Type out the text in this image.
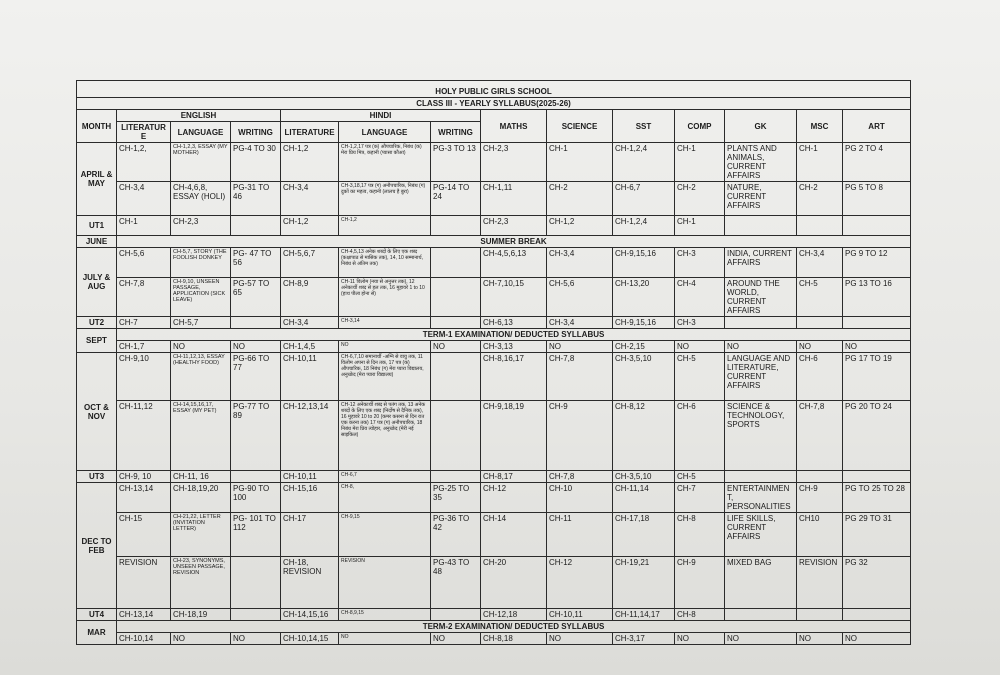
HOLY PUBLIC GIRLS SCHOOL													
CLASS III - YEARLY SYLLABUS(2025-26)													
MONTH	ENGLISH			HINDI			MATHS	SCIENCE	SST	COMP	GK	MSC	ART
	LITERATURE	LANGUAGE	WRITING	LITERATURE	LANGUAGE	WRITING							
APRIL & MAY	CH-1,2,	CH-1,2,3, ESSAY (MY MOTHER)	PG-4 TO 30	CH-1,2	CH-1,2,17 पत्र (क) औपचारिक, निबंध (क) मेरा प्रिय मित्र, कहानी (प्यासा कौआ)	PG-3 TO 13	CH-2,3	CH-1	CH-1,2,4	CH-1	PLANTS AND ANIMALS, CURRENT AFFAIRS	CH-1	PG 2 TO 4
	CH-3,4	CH-4,6,8, ESSAY (HOLI)	PG-31 TO 46	CH-3,4	CH-3,18,17 पत्र (ग) अनौपचारिक, निबंध (ग) दुकों का महत्व, कहानी (लालच है बुरा)	PG-14 TO 24	CH-1,11	CH-2	CH-6,7	CH-2	NATURE, CURRENT AFFAIRS	CH-2	PG 5 TO 8
UT1	CH-1	CH-2,3		CH-1,2	CH-1,2		CH-2,3	CH-1,2	CH-1,2,4	CH-1			
JUNE	SUMMER BREAK												
JULY & AUG	CH-5,6	CH-5,7, STORY (THE FOOLISH DONKEY	PG- 47 TO 56	CH-5,6,7	CH-4,5,13 अनेक शब्दों के लिए एक शब्द (कक्षापाठ से मासिक तक), 14, 10 सम्मानार्थ, निबंध से अंतिम तक)		CH-4,5,6,13	CH-3,4	CH-9,15,16	CH-3	INDIA, CURRENT AFFAIRS	CH-3,4	PG 9 TO 12
	CH-7,8	CH-9,10, UNSEEN PASSAGE, APPLICATION (SICK LEAVE)	PG-57 TO 65	CH-8,9	CH-11 विलोम (नया से अनुत्तर तक), 12 अनेकार्थी शब्द से हल तक, 16 मुहावरे 1 to 10 (हाथ पीला होना से)		CH-7,10,15	CH-5,6	CH-13,20	CH-4	AROUND THE WORLD, CURRENT AFFAIRS	CH-5	PG 13 TO 16
UT2	CH-7	CH-5,7		CH-3,4	CH-3,14		CH-6,13	CH-3,4	CH-9,15,16	CH-3			
SEPT	TERM-1 EXAMINATION/ DEDUCTED SYLLABUS												
	CH-1,7	NO	NO	CH-1,4,5	NO	NO	CH-3,13	NO	CH-2,15	NO	NO	NO	NO
OCT & NOV	CH-9,10	CH-11,12,13, ESSAY (HEALTHY FOOD)	PG-66 TO 77	CH-10,11	CH-6,7,10 समानार्थी -अग्नि से वायु तक, 11 विलोम अपना से दिन तक, 17 पत्र (क) औपचारिक, 18 निबंध (ग) मेरा प्यारा विद्यालय, अनुच्छेद (मेरा प्यारा विद्यालय)		CH-8,16,17	CH-7,8	CH-3,5,10	CH-5	LANGUAGE AND LITERATURE, CURRENT AFFAIRS	CH-6	PG 17 TO 19
	CH-11,12	CH-14,15,16,17, ESSAY (MY PET)	PG-77 TO 89	CH-12,13,14	CH-12 अनेकार्थी शब्द से पतंग तक, 13 अनेक शब्दों के लिए एक शब्द (निर्दोष से दैनिक तक), 16 मुहावरे 10 to 20 (कमर कसना से दिन रात एक करना तक) 17 पत्र (ग) अनौपचारिक, 18 निबंध मेरा प्रिय त्योहार, अनुच्छेद (मेरी नई साइकिल)		CH-9,18,19	CH-9	CH-8,12	CH-6	SCIENCE & TECHNOLOGY, SPORTS	CH-7,8	PG 20 TO 24
UT3	CH-9, 10	CH-11, 16		CH-10,11	CH-6,7		CH-8,17	CH-7,8	CH-3,5,10	CH-5			
DEC TO FEB	CH-13,14	CH-18,19,20	PG-90 TO 100	CH-15,16	CH-8,	PG-25 TO 35	CH-12	CH-10	CH-11,14	CH-7	ENTERTAINMENT, PERSONALITIES	CH-9	PG TO 25 TO 28
	CH-15	CH-21,22, LETTER (INVITATION LETTER)	PG- 101 TO 112	CH-17	CH-9,15	PG-36 TO 42	CH-14	CH-11	CH-17,18	CH-8	LIFE SKILLS, CURRENT AFFAIRS	CH10	PG 29 TO 31
	REVISION	CH-23, SYNONYMS, UNSEEN PASSAGE, REVISION		CH-18, REVISION	REVISION	PG-43 TO 48	CH-20	CH-12	CH-19,21	CH-9	MIXED BAG	REVISION	PG 32
UT4	CH-13,14	CH-18,19		CH-14,15,16	CH-8,9,15		CH-12,18	CH-10,11	CH-11,14,17	CH-8			
MAR	TERM-2 EXAMINATION/ DEDUCTED SYLLABUS												
	CH-10,14	NO	NO	CH-10,14,15	NO	NO	CH-8,18	NO	CH-3,17	NO	NO	NO	NO
